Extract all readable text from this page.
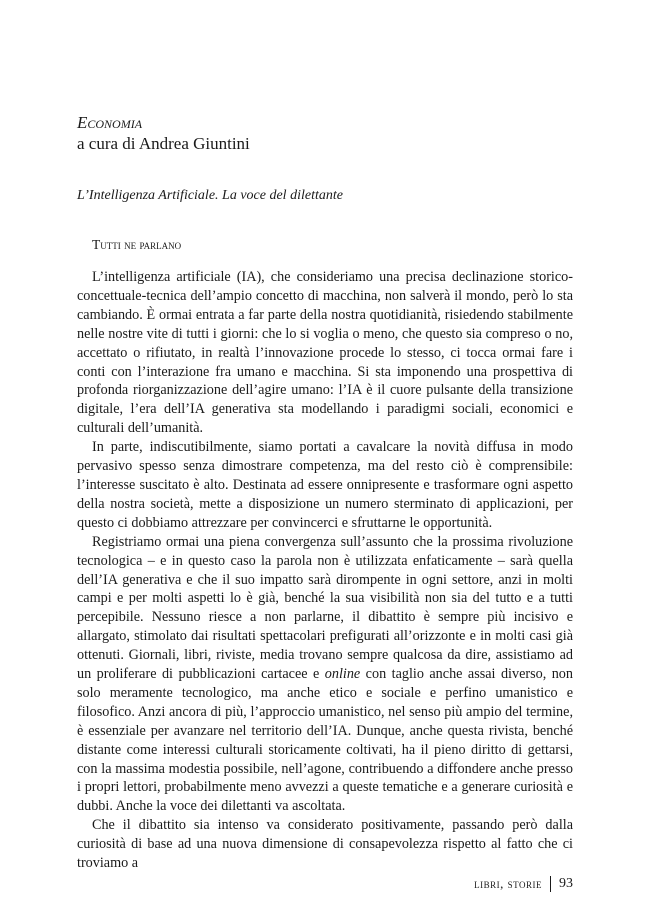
Economia

a cura di Andrea Giuntini

L’Intelligenza Artificiale. La voce del dilettante
Tutti ne parlano

L’intelligenza artificiale (IA), che consideriamo una precisa declinazione storico-concettuale-tecnica dell’ampio concetto di macchina, non salverà il mondo, però lo sta cambiando. È ormai entrata a far parte della nostra quotidianità, risiedendo stabilmente nelle nostre vite di tutti i giorni: che lo si voglia o meno, che questo sia compreso o no, accettato o rifiutato, in realtà l’innovazione procede lo stesso, ci tocca ormai fare i conti con l’interazione fra umano e macchina. Si sta imponendo una prospettiva di profonda riorganizzazione dell’agire umano: l’IA è il cuore pulsante della transizione digitale, l’era dell’IA generativa sta modellando i paradigmi sociali, economici e culturali dell’umanità.

In parte, indiscutibilmente, siamo portati a cavalcare la novità diffusa in modo pervasivo spesso senza dimostrare competenza, ma del resto ciò è comprensibile: l’interesse suscitato è alto. Destinata ad essere onnipresente e trasformare ogni aspetto della nostra società, mette a disposizione un numero sterminato di applicazioni, per questo ci dobbiamo attrezzare per convincerci e sfruttarne le opportunità.

Registriamo ormai una piena convergenza sull’assunto che la prossima rivoluzione tecnologica – e in questo caso la parola non è utilizzata enfaticamente – sarà quella dell’IA generativa e che il suo impatto sarà dirompente in ogni settore, anzi in molti campi e per molti aspetti lo è già, benché la sua visibilità non sia del tutto e a tutti percepibile. Nessuno riesce a non parlarne, il dibattito è sempre più incisivo e allargato, stimolato dai risultati spettacolari prefigurati all’orizzonte e in molti casi già ottenuti. Giornali, libri, riviste, media trovano sempre qualcosa da dire, assistiamo ad un proliferare di pubblicazioni cartacee e online con taglio anche assai diverso, non solo meramente tecnologico, ma anche etico e sociale e perfino umanistico e filosofico. Anzi ancora di più, l’approccio umanistico, nel senso più ampio del termine, è essenziale per avanzare nel territorio dell’IA. Dunque, anche questa rivista, benché distante come interessi culturali storicamente coltivati, ha il pieno diritto di gettarsi, con la massima modestia possibile, nell’agone, contribuendo a diffondere anche presso i propri lettori, probabilmente meno avvezzi a queste tematiche e a generare curiosità e dubbi. Anche la voce dei dilettanti va ascoltata.

Che il dibattito sia intenso va considerato positivamente, passando però dalla curiosità di base ad una nuova dimensione di consapevolezza rispetto al fatto che ci troviamo a

libri, storie 93
